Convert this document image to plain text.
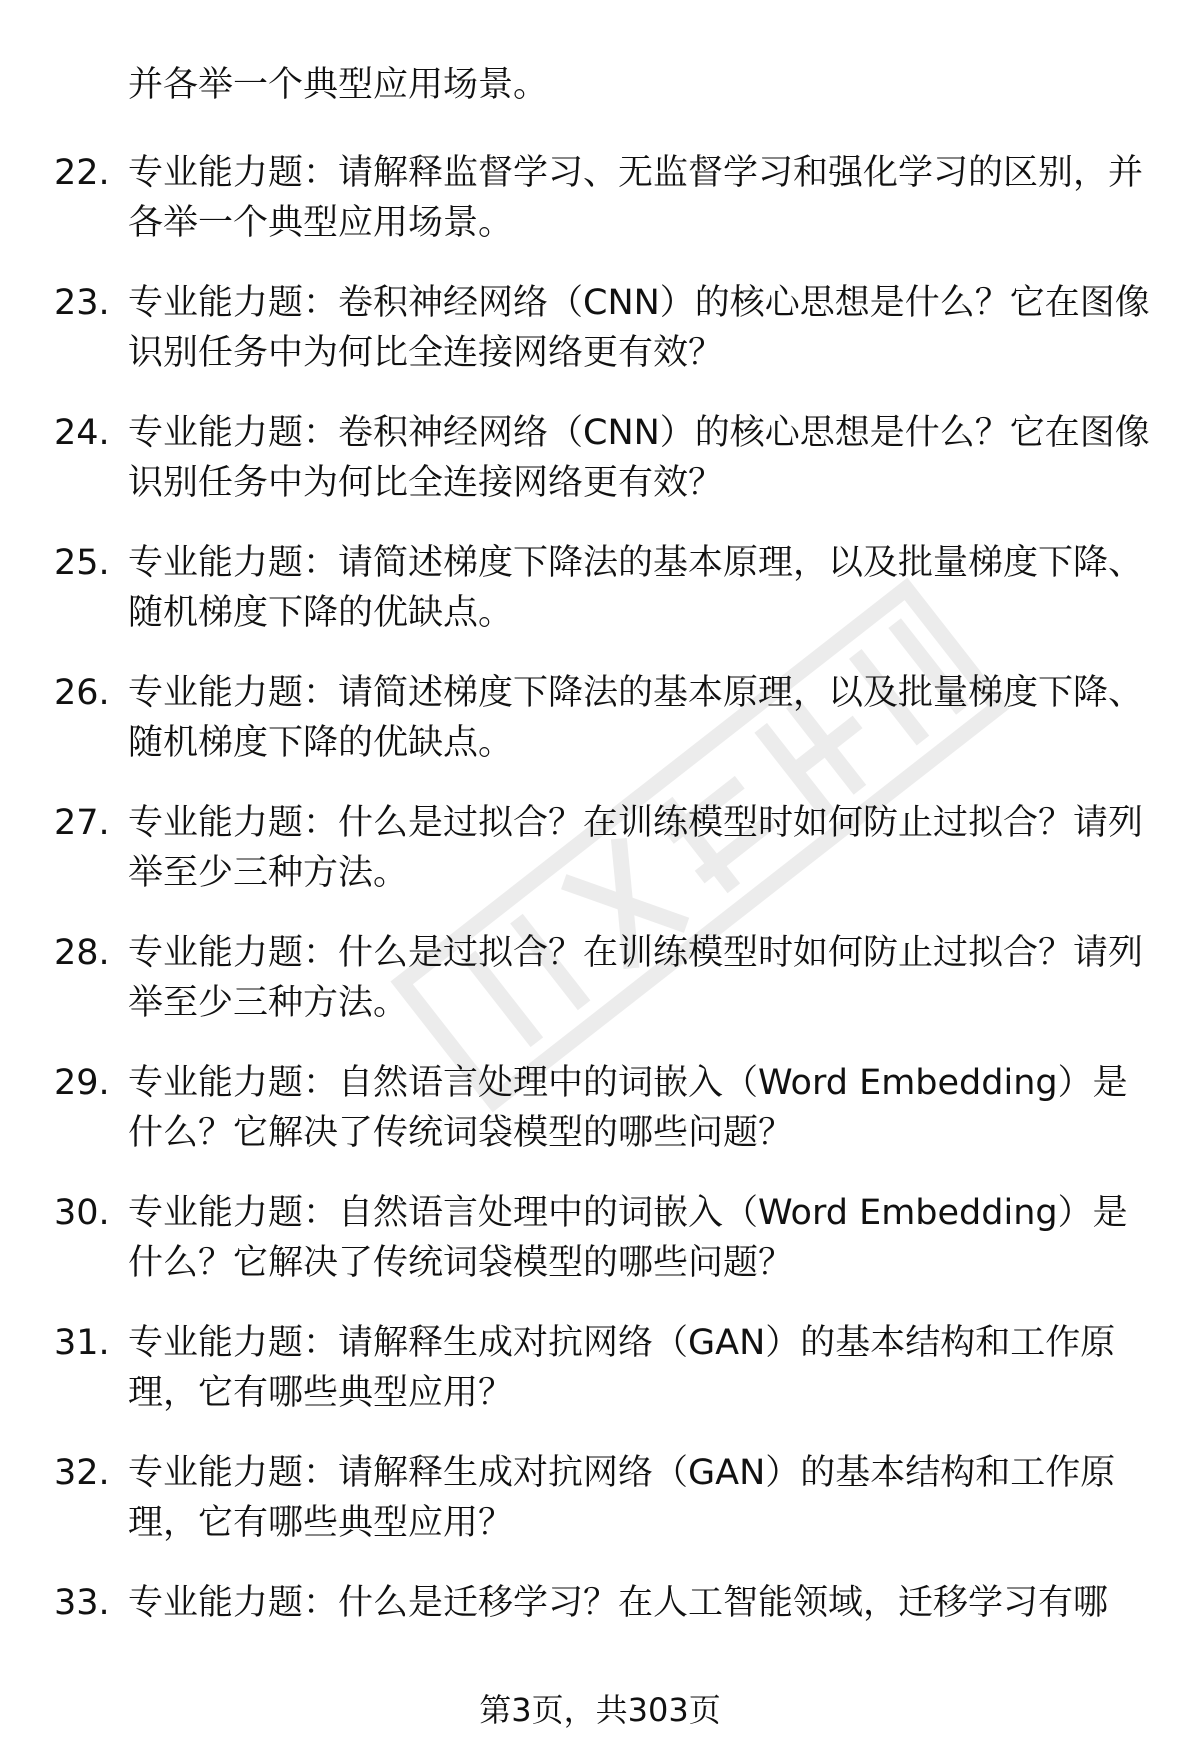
并各举一个典型应用场景。
22. 专业能力题：请解释监督学习、无监督学习和强化学习的区别，并各举一个典型应用场景。
23. 专业能力题：卷积神经网络（CNN）的核心思想是什么？它在图像识别任务中为何比全连接网络更有效？
24. 专业能力题：卷积神经网络（CNN）的核心思想是什么？它在图像识别任务中为何比全连接网络更有效？
25. 专业能力题：请简述梯度下降法的基本原理，以及批量梯度下降、随机梯度下降的优缺点。
26. 专业能力题：请简述梯度下降法的基本原理，以及批量梯度下降、随机梯度下降的优缺点。
27. 专业能力题：什么是过拟合？在训练模型时如何防止过拟合？请列举至少三种方法。
28. 专业能力题：什么是过拟合？在训练模型时如何防止过拟合？请列举至少三种方法。
29. 专业能力题：自然语言处理中的词嵌入（Word Embedding）是什么？它解决了传统词袋模型的哪些问题？
30. 专业能力题：自然语言处理中的词嵌入（Word Embedding）是什么？它解决了传统词袋模型的哪些问题？
31. 专业能力题：请解释生成对抗网络（GAN）的基本结构和工作原理，它有哪些典型应用？
32. 专业能力题：请解释生成对抗网络（GAN）的基本结构和工作原理，它有哪些典型应用？
33. 专业能力题：什么是迁移学习？在人工智能领域，迁移学习有哪
第3页，共303页
